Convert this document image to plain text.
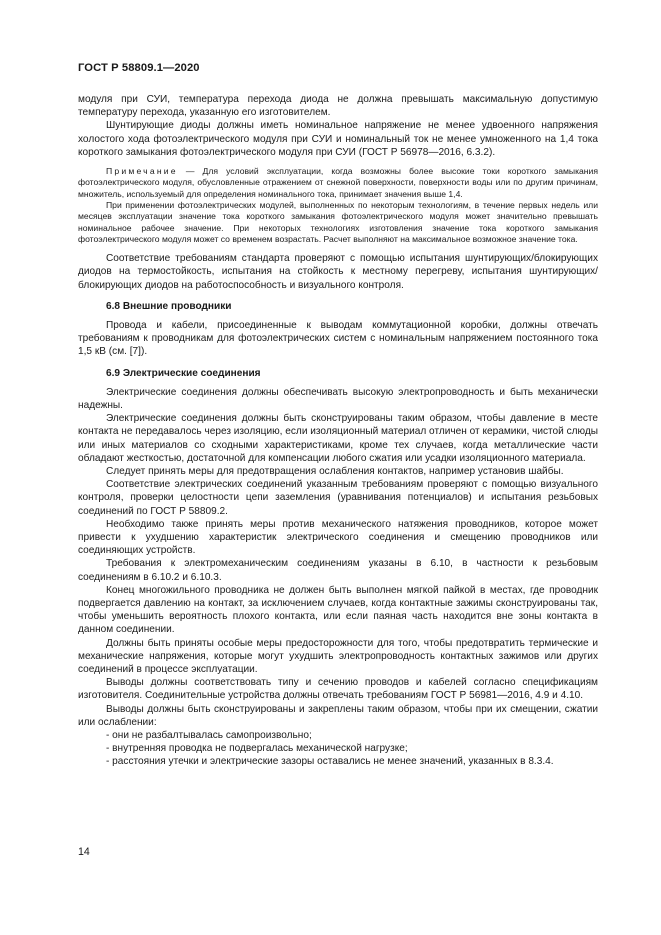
ГОСТ Р 58809.1—2020

модуля при СУИ, температура перехода диода не должна превышать максимальную допустимую температуру перехода, указанную его изготовителем.

Шунтирующие диоды должны иметь номинальное напряжение не менее удвоенного напряжения холостого хода фотоэлектрического модуля при СУИ и номинальный ток не менее умноженного на 1,4 тока короткого замыкания фотоэлектрического модуля при СУИ (ГОСТ Р 56978—2016, 6.3.2).

Примечание — Для условий эксплуатации, когда возможны более высокие токи короткого замыкания фотоэлектрического модуля, обусловленные отражением от снежной поверхности, поверхности воды или по другим причинам, множитель, используемый для определения номинального тока, принимает значения выше 1,4.

При применении фотоэлектрических модулей, выполненных по некоторым технологиям, в течение первых недель или месяцев эксплуатации значение тока короткого замыкания фотоэлектрического модуля может значительно превышать номинальное рабочее значение. При некоторых технологиях изготовления значение тока короткого замыкания фотоэлектрического модуля может со временем возрастать. Расчет выполняют на максимальное возможное значение тока.

Соответствие требованиям стандарта проверяют с помощью испытания шунтирующих/блокирующих диодов на термостойкость, испытания на стойкость к местному перегреву, испытания шунтирующих/блокирующих диодов на работоспособность и визуального контроля.

6.8 Внешние проводники

Провода и кабели, присоединенные к выводам коммутационной коробки, должны отвечать требованиям к проводникам для фотоэлектрических систем с номинальным напряжением постоянного тока 1,5 кВ (см. [7]).

6.9 Электрические соединения

Электрические соединения должны обеспечивать высокую электропроводность и быть механически надежны.

Электрические соединения должны быть сконструированы таким образом, чтобы давление в месте контакта не передавалось через изоляцию, если изоляционный материал отличен от керамики, чистой слюды или иных материалов со сходными характеристиками, кроме тех случаев, когда металлические части обладают жесткостью, достаточной для компенсации любого сжатия или усадки изоляционного материала.

Следует принять меры для предотвращения ослабления контактов, например установив шайбы.

Соответствие электрических соединений указанным требованиям проверяют с помощью визуального контроля, проверки целостности цепи заземления (уравнивания потенциалов) и испытания резьбовых соединений по ГОСТ Р 58809.2.

Необходимо также принять меры против механического натяжения проводников, которое может привести к ухудшению характеристик электрического соединения и смещению проводников или соединяющих устройств.

Требования к электромеханическим соединениям указаны в 6.10, в частности к резьбовым соединениям в 6.10.2 и 6.10.3.

Конец многожильного проводника не должен быть выполнен мягкой пайкой в местах, где проводник подвергается давлению на контакт, за исключением случаев, когда контактные зажимы сконструированы так, чтобы уменьшить вероятность плохого контакта, или если паяная часть находится вне зоны контакта в данном соединении.

Должны быть приняты особые меры предосторожности для того, чтобы предотвратить термические и механические напряжения, которые могут ухудшить электропроводность контактных зажимов или других соединений в процессе эксплуатации.

Выводы должны соответствовать типу и сечению проводов и кабелей согласно спецификациям изготовителя. Соединительные устройства должны отвечать требованиям ГОСТ Р 56981—2016, 4.9 и 4.10.

Выводы должны быть сконструированы и закреплены таким образом, чтобы при их смещении, сжатии или ослаблении:

- они не разбалтывалась самопроизвольно;

- внутренняя проводка не подвергалась механической нагрузке;

- расстояния утечки и электрические зазоры оставались не менее значений, указанных в 8.3.4.

14
